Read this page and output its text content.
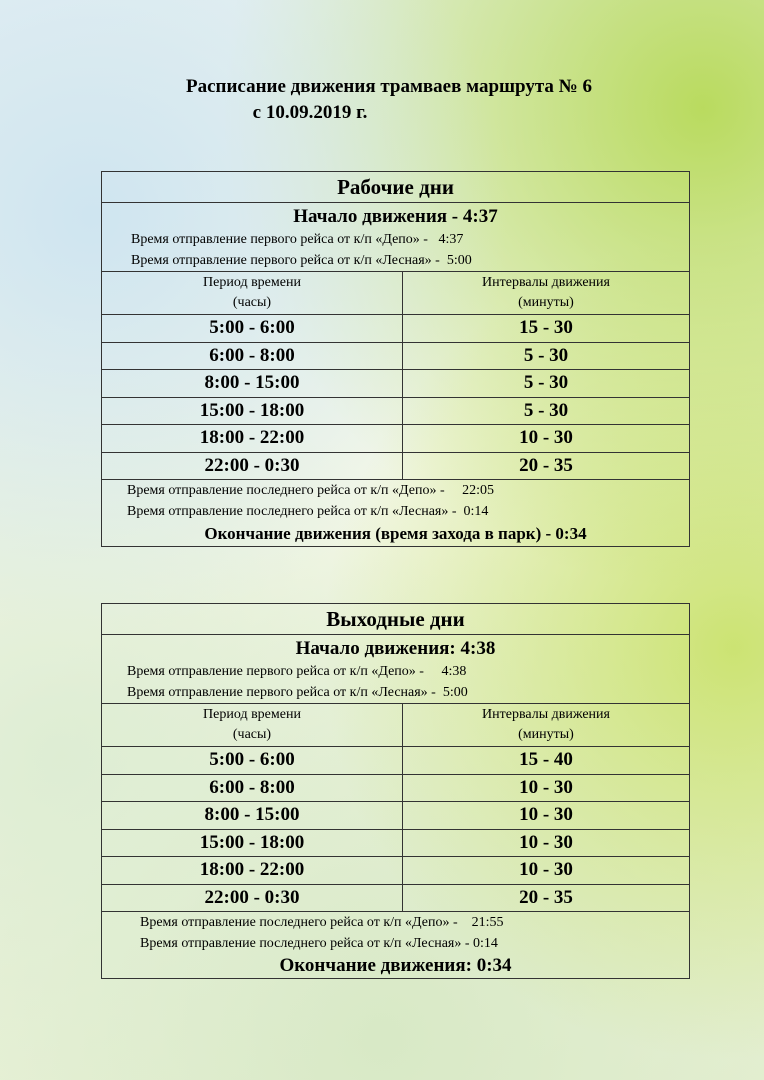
Расписание движения трамваев маршрута № 6
с 10.09.2019 г.
Рабочие дни	

Начало движения - 4:37
Время отправление первого рейса от к/п «Депо» -   4:37
Время отправление первого рейса от к/п «Лесная» -  5:00	

Период времени
(часы)	Интервалы движения
(минуты)
5:00 - 6:00	15 - 30
6:00 - 8:00	5 - 30
8:00 - 15:00	5 - 30
15:00 - 18:00	5 - 30
18:00 - 22:00	10 - 30
22:00 - 0:30	20 - 35

Время отправление последнего рейса от к/п «Депо» -     22:05
Время отправление последнего рейса от к/п «Лесная» -  0:14
Окончание движения (время захода в парк) - 0:34	
Выходные дни	

Начало движения: 4:38
Время отправление первого рейса от к/п «Депо» -     4:38
Время отправление первого рейса от к/п «Лесная» -  5:00	

Период времени
(часы)	Интервалы движения
(минуты)
5:00 - 6:00	15 - 40
6:00 - 8:00	10 - 30
8:00 - 15:00	10 - 30
15:00 - 18:00	10 - 30
18:00 - 22:00	10 - 30
22:00 - 0:30	20 - 35

Время отправление последнего рейса от к/п «Депо» -    21:55
Время отправление последнего рейса от к/п «Лесная» - 0:14
Окончание движения: 0:34	
